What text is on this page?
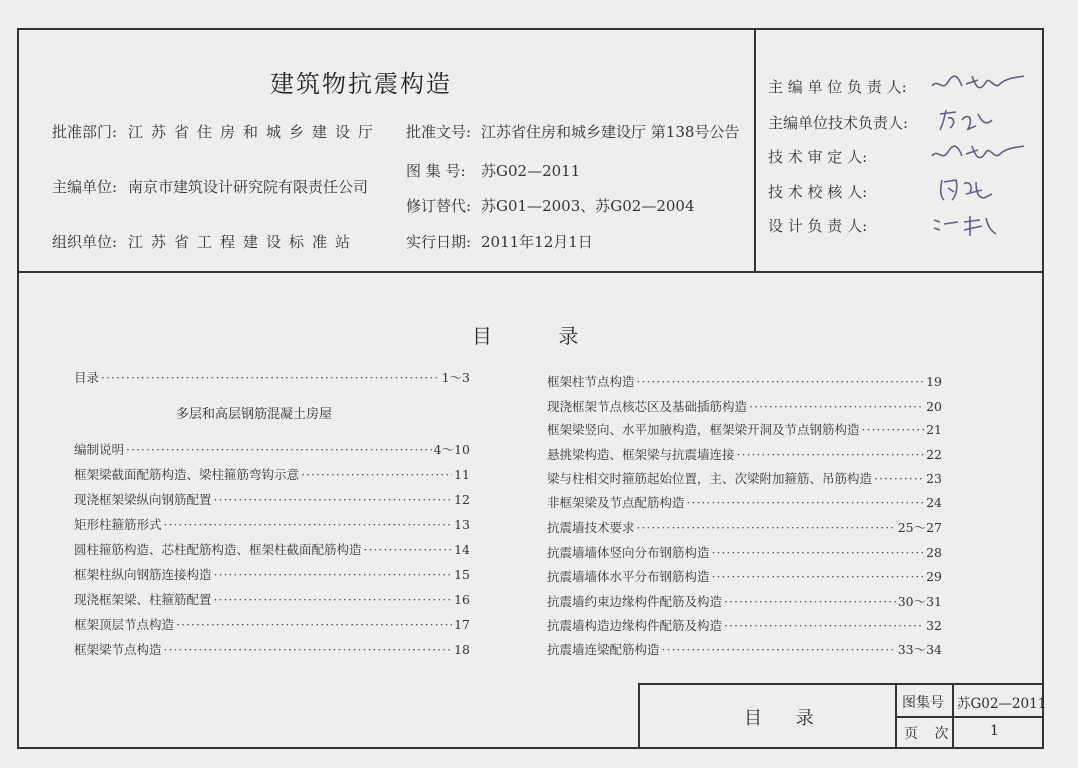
建筑物抗震构造
批准部门: 江苏省住房和城乡建设厅
主编单位: 南京市建筑设计研究院有限责任公司
组织单位: 江苏省工程建设标准站
批准文号: 江苏省住房和城乡建设厅 第138号公告
图 集 号: 苏G02—2011
修订替代: 苏G01—2003、苏G02—2004
实行日期: 2011年12月1日
主 编 单 位 负 责 人:
主编单位技术负责人:
技 术 审 定 人:
技 术 校 核 人:
设 计 负 责 人:
目 录
目录 ·····	1～3
多层和高层钢筋混凝土房屋
编制说明 ·····	4～10
框架梁截面配筋构造、梁柱箍筋弯钩示意 ·····	11
现浇框架梁纵向钢筋配置 ·····	12
矩形柱箍筋形式 ·····	13
圆柱箍筋构造、芯柱配筋构造、框架柱截面配筋构造 ·····	14
框架柱纵向钢筋连接构造 ·····	15
现浇框架梁、柱箍筋配置 ·····	16
框架顶层节点构造 ·····	17
框架梁节点构造 ·····	18
框架柱节点构造 ·····	19
现浇框架节点核芯区及基础插筋构造 ·····	20
框架梁竖向、水平加腋构造，框架梁开洞及节点钢筋构造 ·····	21
悬挑梁构造、框架梁与抗震墙连接 ·····	22
梁与柱相交时箍筋起始位置，主、次梁附加箍筋、吊筋构造 ·····	23
非框架梁及节点配筋构造 ·····	24
抗震墙技术要求 ·····	25～27
抗震墙墙体竖向分布钢筋构造 ·····	28
抗震墙墙体水平分布钢筋构造 ·····	29
抗震墙约束边缘构件配筋及构造 ·····	30～31
抗震墙构造边缘构件配筋及构造 ·····	32
抗震墙连梁配筋构造 ·····	33～34
目 录
图集号 苏G02—2011
页 次	1
